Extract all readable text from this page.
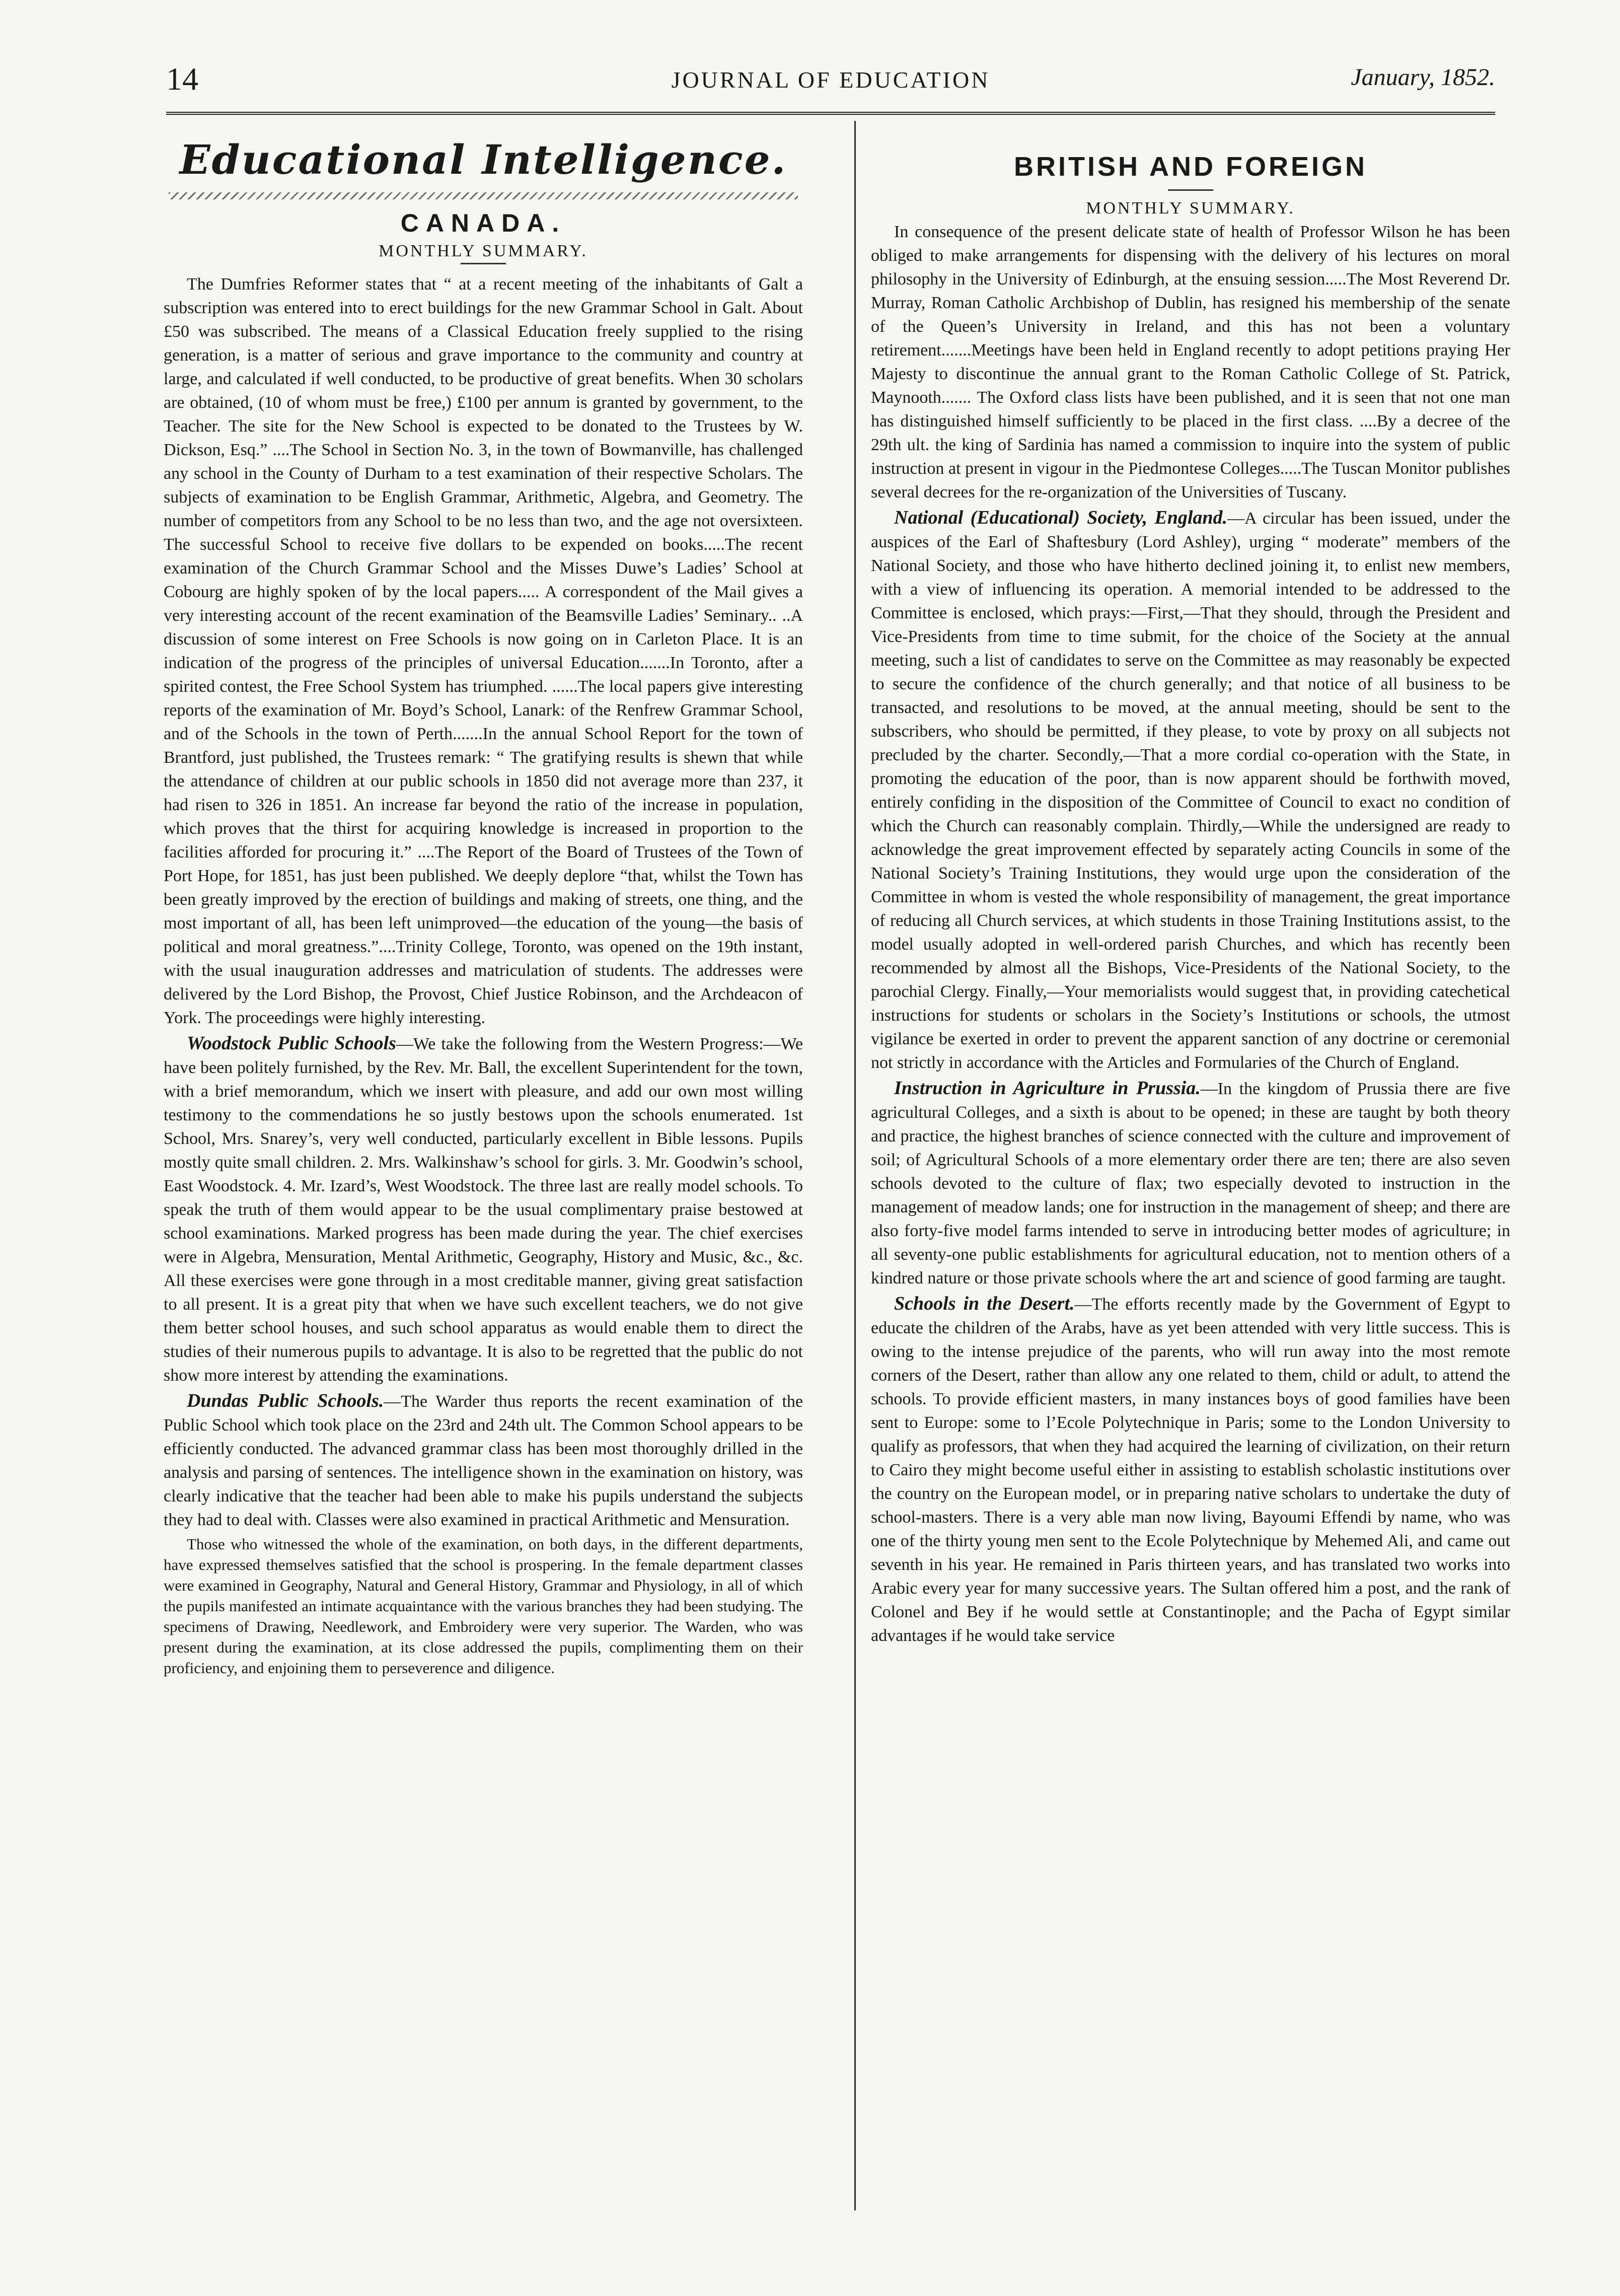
14	JOURNAL OF EDUCATION	January, 1852.
Educational Intelligence.
CANADA.
MONTHLY SUMMARY.

The Dumfries Reformer states that “ at a recent meeting of the inhabitants of Galt a subscription was entered into to erect buildings for the new Grammar School in Galt. About £50 was subscribed. The means of a Classical Education freely supplied to the rising generation, is a matter of serious and grave importance to the community and country at large, and calculated if well conducted, to be productive of great benefits. When 30 scholars are obtained, (10 of whom must be free,) £100 per annum is granted by government, to the Teacher. The site for the New School is expected to be donated to the Trustees by W. Dickson, Esq.” ....The School in Section No. 3, in the town of Bowmanville, has challenged any school in the County of Durham to a test examination of their respective Scholars. The subjects of examination to be English Grammar, Arithmetic, Algebra, and Geometry. The number of competitors from any School to be no less than two, and the age not oversixteen. The successful School to receive five dollars to be expended on books.....The recent examination of the Church Grammar School and the Misses Duwe’s Ladies’ School at Cobourg are highly spoken of by the local papers..... A correspondent of the Mail gives a very interesting account of the recent examination of the Beamsville Ladies’ Seminary.. ..A discussion of some interest on Free Schools is now going on in Carleton Place. It is an indication of the progress of the principles of universal Education.......In Toronto, after a spirited contest, the Free School System has triumphed. ......The local papers give interesting reports of the examination of Mr. Boyd’s School, Lanark: of the Renfrew Grammar School, and of the Schools in the town of Perth.......In the annual School Report for the town of Brantford, just published, the Trustees remark: “ The gratifying results is shewn that while the attendance of children at our public schools in 1850 did not average more than 237, it had risen to 326 in 1851. An increase far beyond the ratio of the increase in population, which proves that the thirst for acquiring knowledge is increased in proportion to the facilities afforded for procuring it.” ....The Report of the Board of Trustees of the Town of Port Hope, for 1851, has just been published. We deeply deplore “that, whilst the Town has been greatly improved by the erection of buildings and making of streets, one thing, and the most important of all, has been left unimproved—the education of the young—the basis of political and moral greatness.”....Trinity College, Toronto, was opened on the 19th instant, with the usual inauguration addresses and matriculation of students. The addresses were delivered by the Lord Bishop, the Provost, Chief Justice Robinson, and the Archdeacon of York. The proceedings were highly interesting.

Woodstock Public Schools—We take the following from the Western Progress:—We have been politely furnished, by the Rev. Mr. Ball, the excellent Superintendent for the town, with a brief memorandum, which we insert with pleasure, and add our own most willing testimony to the commendations he so justly bestows upon the schools enumerated. 1st School, Mrs. Snarey’s, very well conducted, particularly excellent in Bible lessons. Pupils mostly quite small children. 2. Mrs. Walkinshaw’s school for girls. 3. Mr. Goodwin’s school, East Woodstock. 4. Mr. Izard’s, West Woodstock. The three last are really model schools. To speak the truth of them would appear to be the usual complimentary praise bestowed at school examinations. Marked progress has been made during the year. The chief exercises were in Algebra, Mensuration, Mental Arithmetic, Geography, History and Music, &c., &c. All these exercises were gone through in a most creditable manner, giving great satisfaction to all present. It is a great pity that when we have such excellent teachers, we do not give them better school houses, and such school apparatus as would enable them to direct the studies of their numerous pupils to advantage. It is also to be regretted that the public do not show more interest by attending the examinations.

Dundas Public Schools.—The Warder thus reports the recent examination of the Public School which took place on the 23rd and 24th ult. The Common School appears to be efficiently conducted. The advanced grammar class has been most thoroughly drilled in the analysis and parsing of sentences. The intelligence shown in the examination on history, was clearly indicative that the teacher had been able to make his pupils understand the subjects they had to deal with. Classes were also examined in practical Arithmetic and Mensuration.

Those who witnessed the whole of the examination, on both days, in the different departments, have expressed themselves satisfied that the school is prospering. In the female department classes were examined in Geography, Natural and General History, Grammar and Physiology, in all of which the pupils manifested an intimate acquaintance with the various branches they had been studying. The specimens of Drawing, Needlework, and Embroidery were very superior. The Warden, who was present during the examination, at its close addressed the pupils, complimenting them on their proficiency, and enjoining them to perseverence and diligence.

BRITISH AND FOREIGN
MONTHLY SUMMARY.

In consequence of the present delicate state of health of Professor Wilson he has been obliged to make arrangements for dispensing with the delivery of his lectures on moral philosophy in the University of Edinburgh, at the ensuing session.....The Most Reverend Dr. Murray, Roman Catholic Archbishop of Dublin, has resigned his membership of the senate of the Queen’s University in Ireland, and this has not been a voluntary retirement.......Meetings have been held in England recently to adopt petitions praying Her Majesty to discontinue the annual grant to the Roman Catholic College of St. Patrick, Maynooth....... The Oxford class lists have been published, and it is seen that not one man has distinguished himself sufficiently to be placed in the first class. ....By a decree of the 29th ult. the king of Sardinia has named a commission to inquire into the system of public instruction at present in vigour in the Piedmontese Colleges.....The Tuscan Monitor publishes several decrees for the re-organization of the Universities of Tuscany.

National (Educational) Society, England.—A circular has been issued, under the auspices of the Earl of Shaftesbury (Lord Ashley), urging “ moderate” members of the National Society, and those who have hitherto declined joining it, to enlist new members, with a view of influencing its operation. A memorial intended to be addressed to the Committee is enclosed, which prays:—First,—That they should, through the President and Vice-Presidents from time to time submit, for the choice of the Society at the annual meeting, such a list of candidates to serve on the Committee as may reasonably be expected to secure the confidence of the church generally; and that notice of all business to be transacted, and resolutions to be moved, at the annual meeting, should be sent to the subscribers, who should be permitted, if they please, to vote by proxy on all subjects not precluded by the charter. Secondly,—That a more cordial co-operation with the State, in promoting the education of the poor, than is now apparent should be forthwith moved, entirely confiding in the disposition of the Committee of Council to exact no condition of which the Church can reasonably complain. Thirdly,—While the undersigned are ready to acknowledge the great improvement effected by separately acting Councils in some of the National Society’s Training Institutions, they would urge upon the consideration of the Committee in whom is vested the whole responsibility of management, the great importance of reducing all Church services, at which students in those Training Institutions assist, to the model usually adopted in well-ordered parish Churches, and which has recently been recommended by almost all the Bishops, Vice-Presidents of the National Society, to the parochial Clergy. Finally,—Your memorialists would suggest that, in providing catechetical instructions for students or scholars in the Society’s Institutions or schools, the utmost vigilance be exerted in order to prevent the apparent sanction of any doctrine or ceremonial not strictly in accordance with the Articles and Formularies of the Church of England.

Instruction in Agriculture in Prussia.—In the kingdom of Prussia there are five agricultural Colleges, and a sixth is about to be opened; in these are taught by both theory and practice, the highest branches of science connected with the culture and improvement of soil; of Agricultural Schools of a more elementary order there are ten; there are also seven schools devoted to the culture of flax; two especially devoted to instruction in the management of meadow lands; one for instruction in the management of sheep; and there are also forty-five model farms intended to serve in introducing better modes of agriculture; in all seventy-one public establishments for agricultural education, not to mention others of a kindred nature or those private schools where the art and science of good farming are taught.

Schools in the Desert.—The efforts recently made by the Government of Egypt to educate the children of the Arabs, have as yet been attended with very little success. This is owing to the intense prejudice of the parents, who will run away into the most remote corners of the Desert, rather than allow any one related to them, child or adult, to attend the schools. To provide efficient masters, in many instances boys of good families have been sent to Europe: some to l’Ecole Polytechnique in Paris; some to the London University to qualify as professors, that when they had acquired the learning of civilization, on their return to Cairo they might become useful either in assisting to establish scholastic institutions over the country on the European model, or in preparing native scholars to undertake the duty of school-masters. There is a very able man now living, Bayoumi Effendi by name, who was one of the thirty young men sent to the Ecole Polytechnique by Mehemed Ali, and came out seventh in his year. He remained in Paris thirteen years, and has translated two works into Arabic every year for many successive years. The Sultan offered him a post, and the rank of Colonel and Bey if he would settle at Constantinople; and the Pacha of Egypt similar advantages if he would take service
